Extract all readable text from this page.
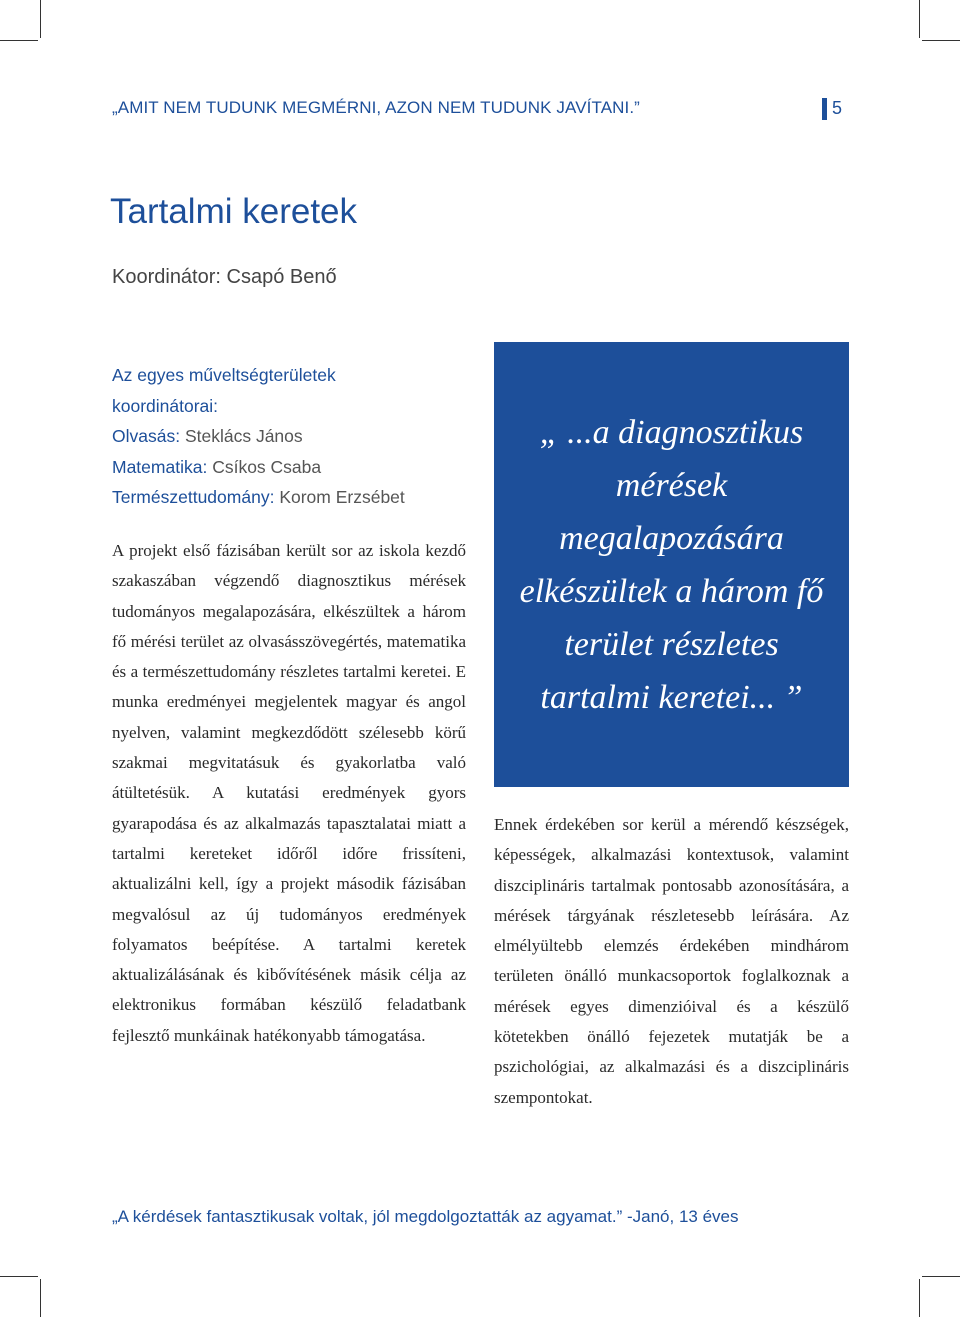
„AMIT NEM TUDUNK MEGMÉRNI, AZON NEM TUDUNK JAVÍTANI.”	5
Tartalmi keretek
Koordinátor: Csapó Benő
Az egyes műveltségterületek
koordinátorai:
Olvasás: Steklács János
Matematika: Csíkos Csaba
Természettudomány: Korom Erzsébet
A projekt első fázisában került sor az iskola kezdő szakaszában végzendő diagnosztikus mérések tudományos megalapozására, elkészültek a három fő mérési terület az olvasásszövegértés, matematika és a természettudomány részletes tartalmi keretei. E munka eredményei megjelentek magyar és angol nyelven, valamint megkezdődött szélesebb körű szakmai megvitatásuk és gyakorlatba való átültetésük. A kutatási eredmények gyors gyarapodása és az alkalmazás tapasztalatai miatt a tartalmi kereteket időről időre frissíteni, aktualizálni kell, így a projekt második fázisában megvalósul az új tudományos eredmények folyamatos beépítése. A tartalmi keretek aktualizálásának és kibővítésének másik célja az elektronikus formában készülő feladatbank fejlesztő munkáinak hatékonyabb támogatása.
„ ...a diagnosztikus mérések megalapozására elkészültek a három fő terület részletes tartalmi keretei... ”
Ennek érdekében sor kerül a mérendő készségek, képességek, alkalmazási kontextusok, valamint diszciplináris tartalmak pontosabb azonosítására, a mérések tárgyának részletesebb leírására. Az elmélyültebb elemzés érdekében mindhárom területen önálló munkacsoportok foglalkoznak a mérések egyes dimenzióival és a készülő kötetekben önálló fejezetek mutatják be a pszichológiai, az alkalmazási és a diszciplináris szempontokat.
„A kérdések fantasztikusak voltak, jól megdolgoztatták az agyamat.” -Janó, 13 éves
